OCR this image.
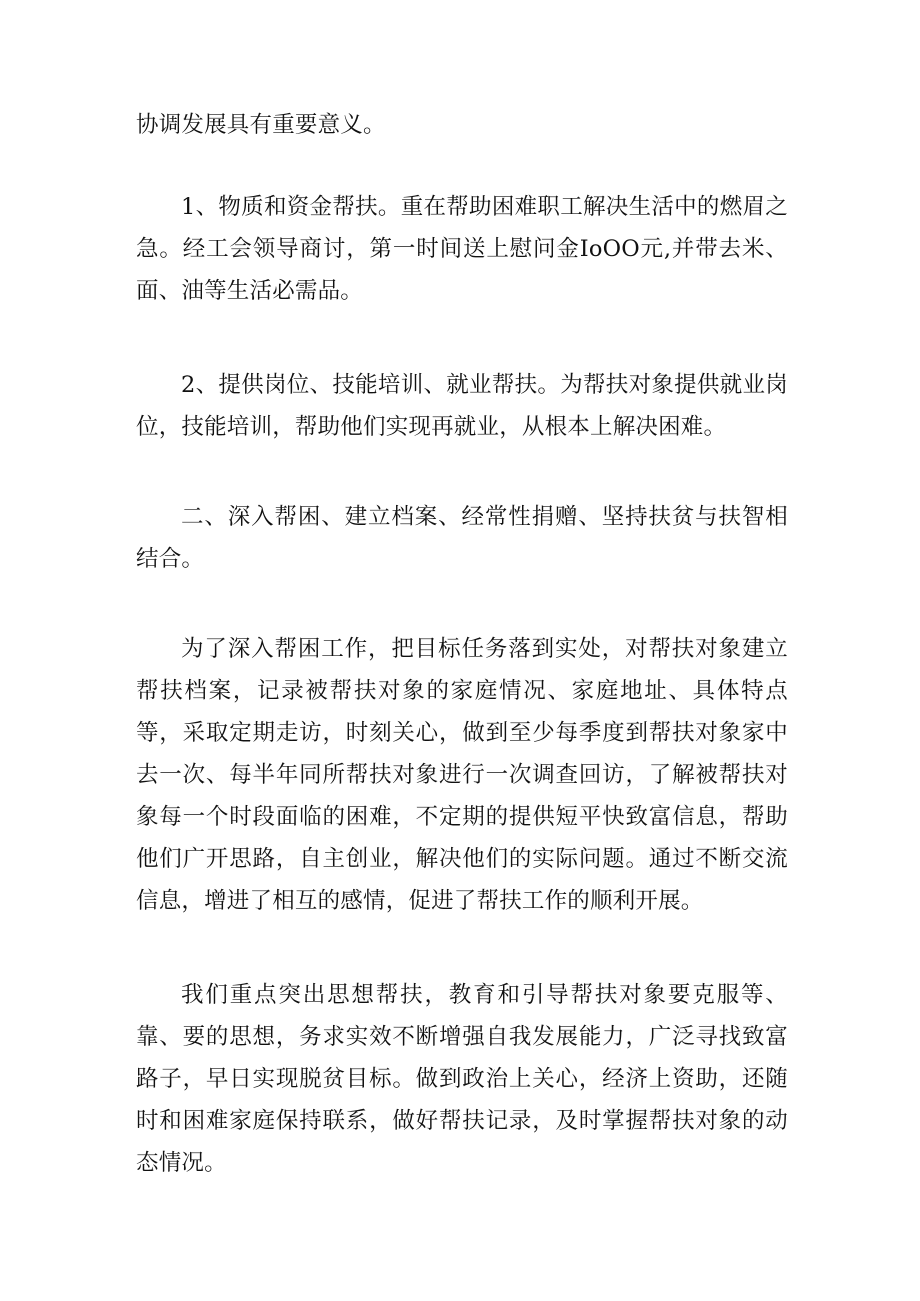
协调发展具有重要意义。

1、物质和资金帮扶。重在帮助困难职工解决生活中的燃眉之急。经工会领导商讨，第一时间送上慰问金IoOO元,并带去米、面、油等生活必需品。

2、提供岗位、技能培训、就业帮扶。为帮扶对象提供就业岗位，技能培训，帮助他们实现再就业，从根本上解决困难。

二、深入帮困、建立档案、经常性捐赠、坚持扶贫与扶智相结合。

为了深入帮困工作，把目标任务落到实处，对帮扶对象建立帮扶档案，记录被帮扶对象的家庭情况、家庭地址、具体特点等，采取定期走访，时刻关心，做到至少每季度到帮扶对象家中去一次、每半年同所帮扶对象进行一次调查回访，了解被帮扶对象每一个时段面临的困难，不定期的提供短平快致富信息，帮助他们广开思路，自主创业，解决他们的实际问题。通过不断交流信息，增进了相互的感情，促进了帮扶工作的顺利开展。

我们重点突出思想帮扶，教育和引导帮扶对象要克服等、靠、要的思想，务求实效不断增强自我发展能力，广泛寻找致富路子，早日实现脱贫目标。做到政治上关心，经济上资助，还随时和困难家庭保持联系，做好帮扶记录，及时掌握帮扶对象的动态情况。
